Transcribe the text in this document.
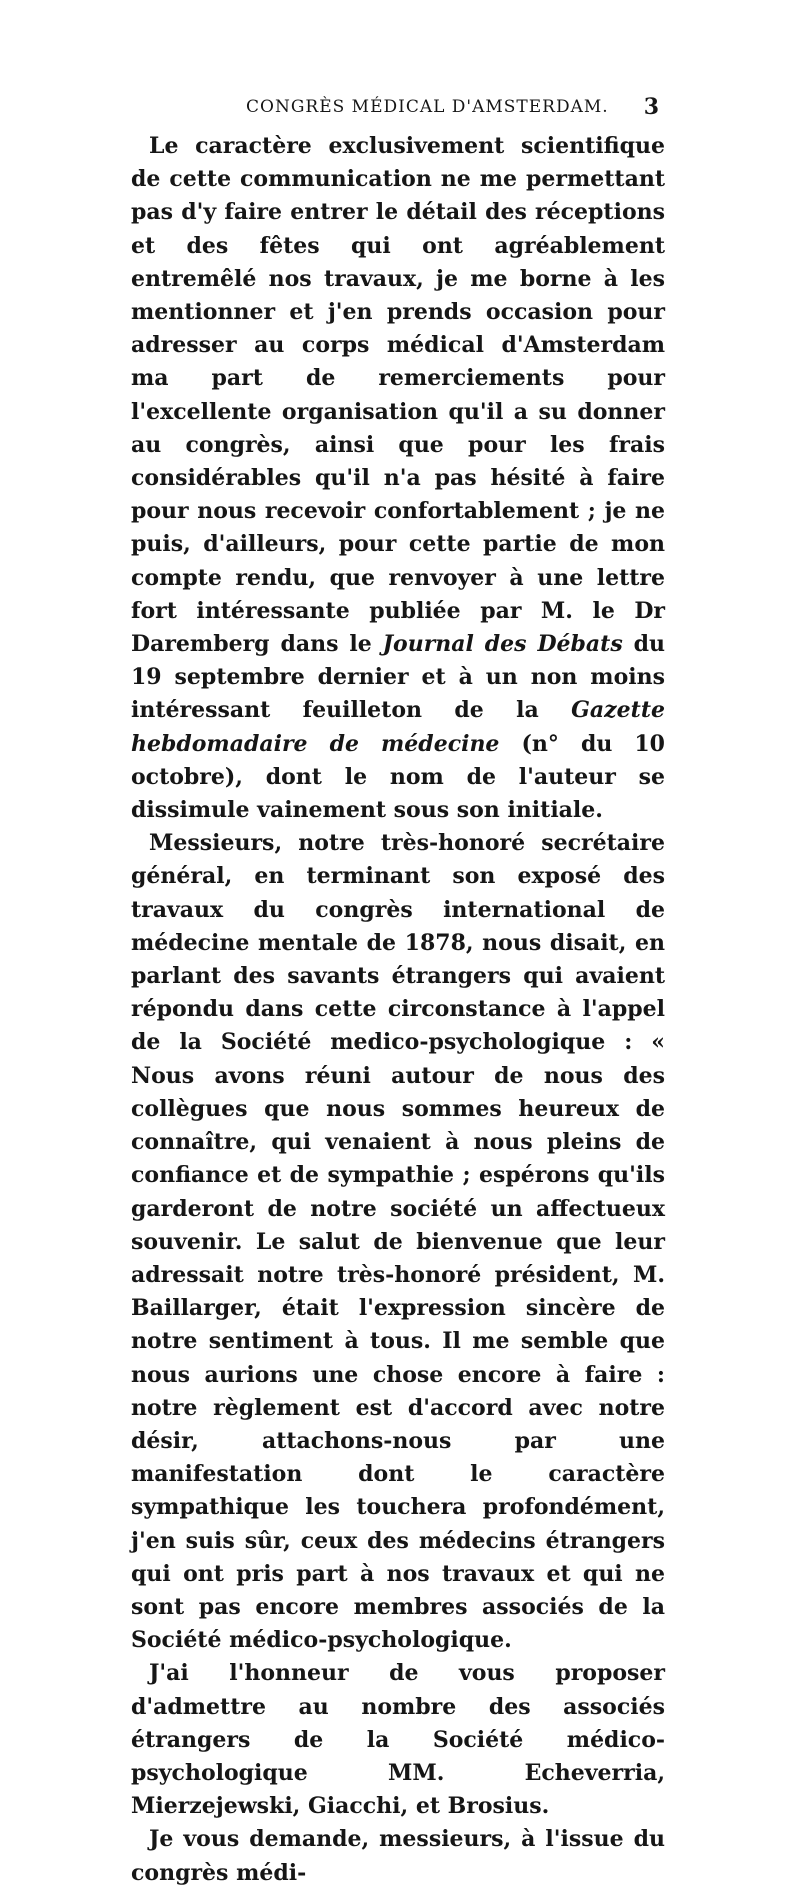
CONGRÈS MÉDICAL D'AMSTERDAM. 3

Le caractère exclusivement scientifique de cette communication ne me permettant pas d'y faire entrer le détail des réceptions et des fêtes qui ont agréablement entremêlé nos travaux, je me borne à les mentionner et j'en prends occasion pour adresser au corps médical d'Amsterdam ma part de remerciements pour l'excellente organisation qu'il a su donner au congrès, ainsi que pour les frais considérables qu'il n'a pas hésité à faire pour nous recevoir confortablement ; je ne puis, d'ailleurs, pour cette partie de mon compte rendu, que renvoyer à une lettre fort intéressante publiée par M. le Dr Daremberg dans le Journal des Débats du 19 septembre dernier et à un non moins intéressant feuilleton de la Gazette hebdomadaire de médecine (n° du 10 octobre), dont le nom de l'auteur se dissimule vainement sous son initiale.

Messieurs, notre très-honoré secrétaire général, en terminant son exposé des travaux du congrès international de médecine mentale de 1878, nous disait, en parlant des savants étrangers qui avaient répondu dans cette circonstance à l'appel de la Société medico-psychologique : « Nous avons réuni autour de nous des collègues que nous sommes heureux de connaître, qui venaient à nous pleins de confiance et de sympathie ; espérons qu'ils garderont de notre société un affectueux souvenir. Le salut de bienvenue que leur adressait notre très-honoré président, M. Baillarger, était l'expression sincère de notre sentiment à tous. Il me semble que nous aurions une chose encore à faire : notre règlement est d'accord avec notre désir, attachons-nous par une manifestation dont le caractère sympathique les touchera profondément, j'en suis sûr, ceux des médecins étrangers qui ont pris part à nos travaux et qui ne sont pas encore membres associés de la Société médico-psychologique.

J'ai l'honneur de vous proposer d'admettre au nombre des associés étrangers de la Société médico-psychologique MM. Echeverria, Mierzejewski, Giacchi, et Brosius.

Je vous demande, messieurs, à l'issue du congrès médi-
